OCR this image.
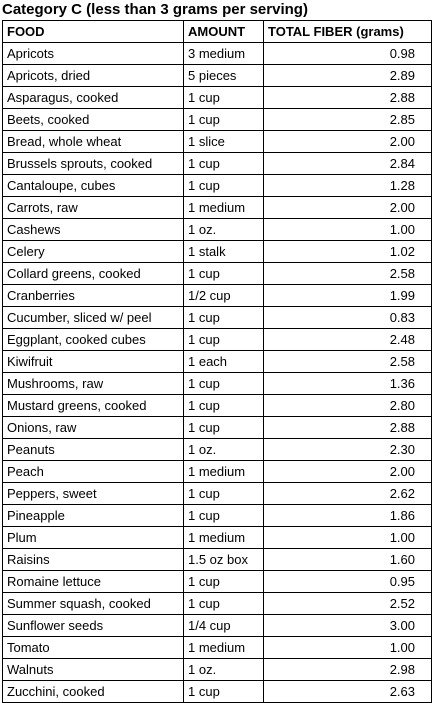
Category C (less than 3 grams per serving)
FOOD	AMOUNT	TOTAL FIBER (grams)
Apricots	3 medium	0.98
Apricots, dried	5 pieces	2.89
Asparagus, cooked	1 cup	2.88
Beets, cooked	1 cup	2.85
Bread, whole wheat	1 slice	2.00
Brussels sprouts, cooked	1 cup	2.84
Cantaloupe, cubes	1 cup	1.28
Carrots, raw	1 medium	2.00
Cashews	1 oz.	1.00
Celery	1 stalk	1.02
Collard greens, cooked	1 cup	2.58
Cranberries	1/2 cup	1.99
Cucumber, sliced w/ peel	1 cup	0.83
Eggplant, cooked cubes	1 cup	2.48
Kiwifruit	1 each	2.58
Mushrooms, raw	1 cup	1.36
Mustard greens, cooked	1 cup	2.80
Onions, raw	1 cup	2.88
Peanuts	1 oz.	2.30
Peach	1 medium	2.00
Peppers, sweet	1 cup	2.62
Pineapple	1 cup	1.86
Plum	1 medium	1.00
Raisins	1.5 oz box	1.60
Romaine lettuce	1 cup	0.95
Summer squash, cooked	1 cup	2.52
Sunflower seeds	1/4 cup	3.00
Tomato	1 medium	1.00
Walnuts	1 oz.	2.98
Zucchini, cooked	1 cup	2.63
